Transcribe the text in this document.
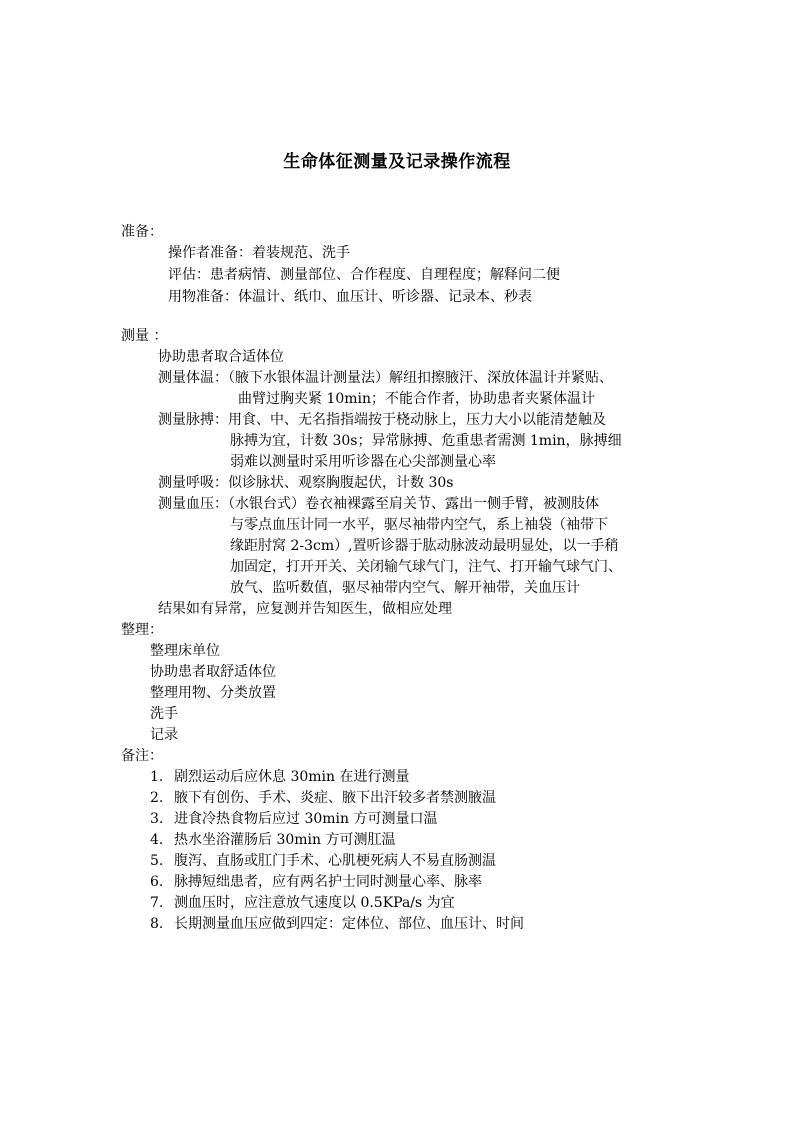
生命体征测量及记录操作流程
准备：
操作者准备：着装规范、洗手
评估：患者病情、测量部位、合作程度、自理程度；解释问二便
用物准备：体温计、纸巾、血压计、听诊器、记录本、秒表
测量 ：
协助患者取合适体位
测量体温：（腋下水银体温计测量法）解纽扣擦腋汗、深放体温计并紧贴、
曲臂过胸夹紧 10min；不能合作者，协助患者夹紧体温计
测量脉搏：用食、中、无名指指端按于桡动脉上，压力大小以能清楚触及
脉搏为宜，计数 30s；异常脉搏、危重患者需测 1min，脉搏细
弱难以测量时采用听诊器在心尖部测量心率
测量呼吸：似诊脉状、观察胸腹起伏，计数 30s
测量血压：（水银台式）卷衣袖裸露至肩关节、露出一侧手臂，被测肢体
与零点血压计同一水平，驱尽袖带内空气，系上袖袋（袖带下
缘距肘窝 2-3cm）,置听诊器于肱动脉波动最明显处，以一手稍
加固定，打开开关、关闭输气球气门，注气、打开输气球气门、
放气、监听数值，驱尽袖带内空气、解开袖带，关血压计
结果如有异常，应复测并告知医生，做相应处理
整理：
整理床单位
协助患者取舒适体位
整理用物、分类放置
洗手
记录
备注：
1. 剧烈运动后应休息 30min 在进行测量
2. 腋下有创伤、手术、炎症、腋下出汗较多者禁测腋温
3. 进食冷热食物后应过 30min 方可测量口温
4. 热水坐浴灌肠后 30min 方可测肛温
5. 腹泻、直肠或肛门手术、心肌梗死病人不易直肠测温
6. 脉搏短绌患者，应有两名护士同时测量心率、脉率
7. 测血压时，应注意放气速度以 0.5KPa/s 为宜
8. 长期测量血压应做到四定：定体位、部位、血压计、时间
